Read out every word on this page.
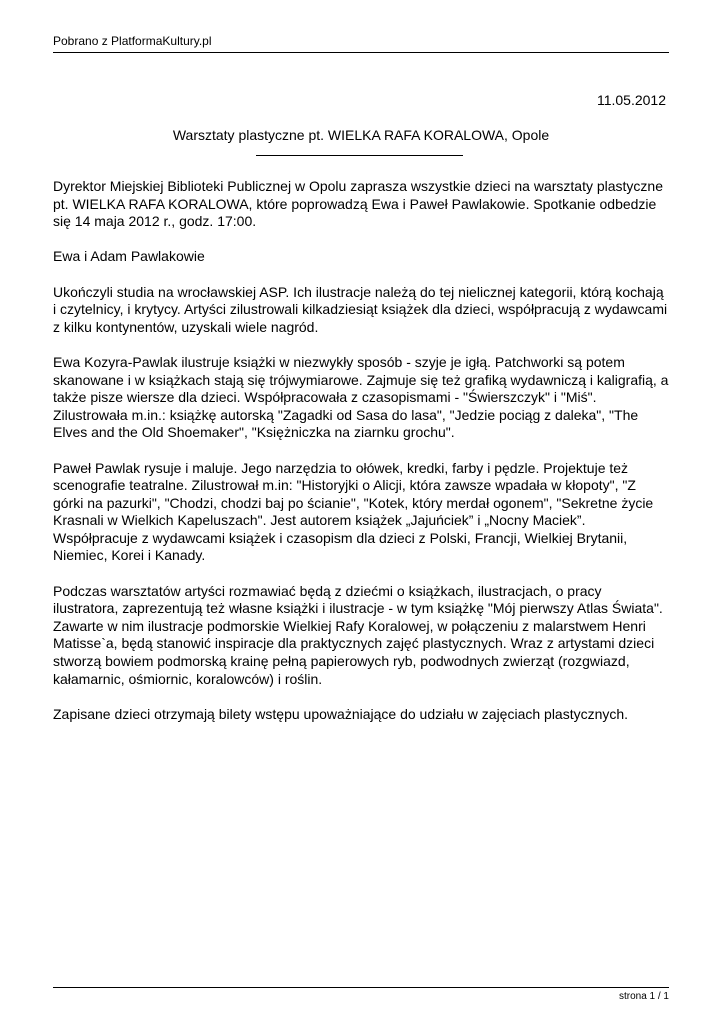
Pobrano z PlatformaKultury.pl
11.05.2012
Warsztaty plastyczne pt. WIELKA RAFA KORALOWA, Opole

Dyrektor Miejskiej Biblioteki Publicznej w Opolu zaprasza wszystkie dzieci na warsztaty plastyczne pt. WIELKA RAFA KORALOWA, które poprowadzą Ewa i Paweł Pawlakowie. Spotkanie odbedzie się 14 maja 2012 r., godz. 17:00.

Ewa i Adam Pawlakowie

Ukończyli studia na wrocławskiej ASP. Ich ilustracje należą do tej nielicznej kategorii, którą kochają i czytelnicy, i krytycy. Artyści zilustrowali kilkadziesiąt książek dla dzieci, współpracują z wydawcami z kilku kontynentów, uzyskali wiele nagród.

Ewa Kozyra-Pawlak ilustruje książki w niezwykły sposób - szyje je igłą. Patchworki są potem skanowane i w książkach stają się trójwymiarowe. Zajmuje się też grafiką wydawniczą i kaligrafią, a także pisze wiersze dla dzieci. Współpracowała z czasopismami - "Świerszczyk" i "Miś". Zilustrowała m.in.: książkę autorską "Zagadki od Sasa do lasa", "Jedzie pociąg z daleka", "The Elves and the Old Shoemaker", "Księżniczka na ziarnku grochu".

Paweł Pawlak rysuje i maluje. Jego narzędzia to ołówek, kredki, farby i pędzle. Projektuje też scenografie teatralne. Zilustrował m.in: "Historyjki o Alicji, która zawsze wpadała w kłopoty", "Z górki na pazurki", "Chodzi, chodzi baj po ścianie", "Kotek, który merdał ogonem", "Sekretne życie Krasnali w Wielkich Kapeluszach". Jest autorem książek „Jajuńciek” i „Nocny Maciek”. Współpracuje z wydawcami książek i czasopism dla dzieci z Polski, Francji, Wielkiej Brytanii, Niemiec, Korei i Kanady.

Podczas warsztatów artyści rozmawiać będą z dziećmi o książkach, ilustracjach, o pracy ilustratora, zaprezentują też własne książki i ilustracje - w tym książkę "Mój pierwszy Atlas Świata". Zawarte w nim ilustracje podmorskie Wielkiej Rafy Koralowej, w połączeniu z malarstwem Henri Matisse`a, będą stanowić inspiracje dla praktycznych zajęć plastycznych. Wraz z artystami dzieci stworzą bowiem podmorską krainę pełną papierowych ryb, podwodnych zwierząt (rozgwiazd, kałamarnic, ośmiornic, koralowców) i roślin.

Zapisane dzieci otrzymają bilety wstępu upoważniające do udziału w zajęciach plastycznych.

strona 1 / 1
